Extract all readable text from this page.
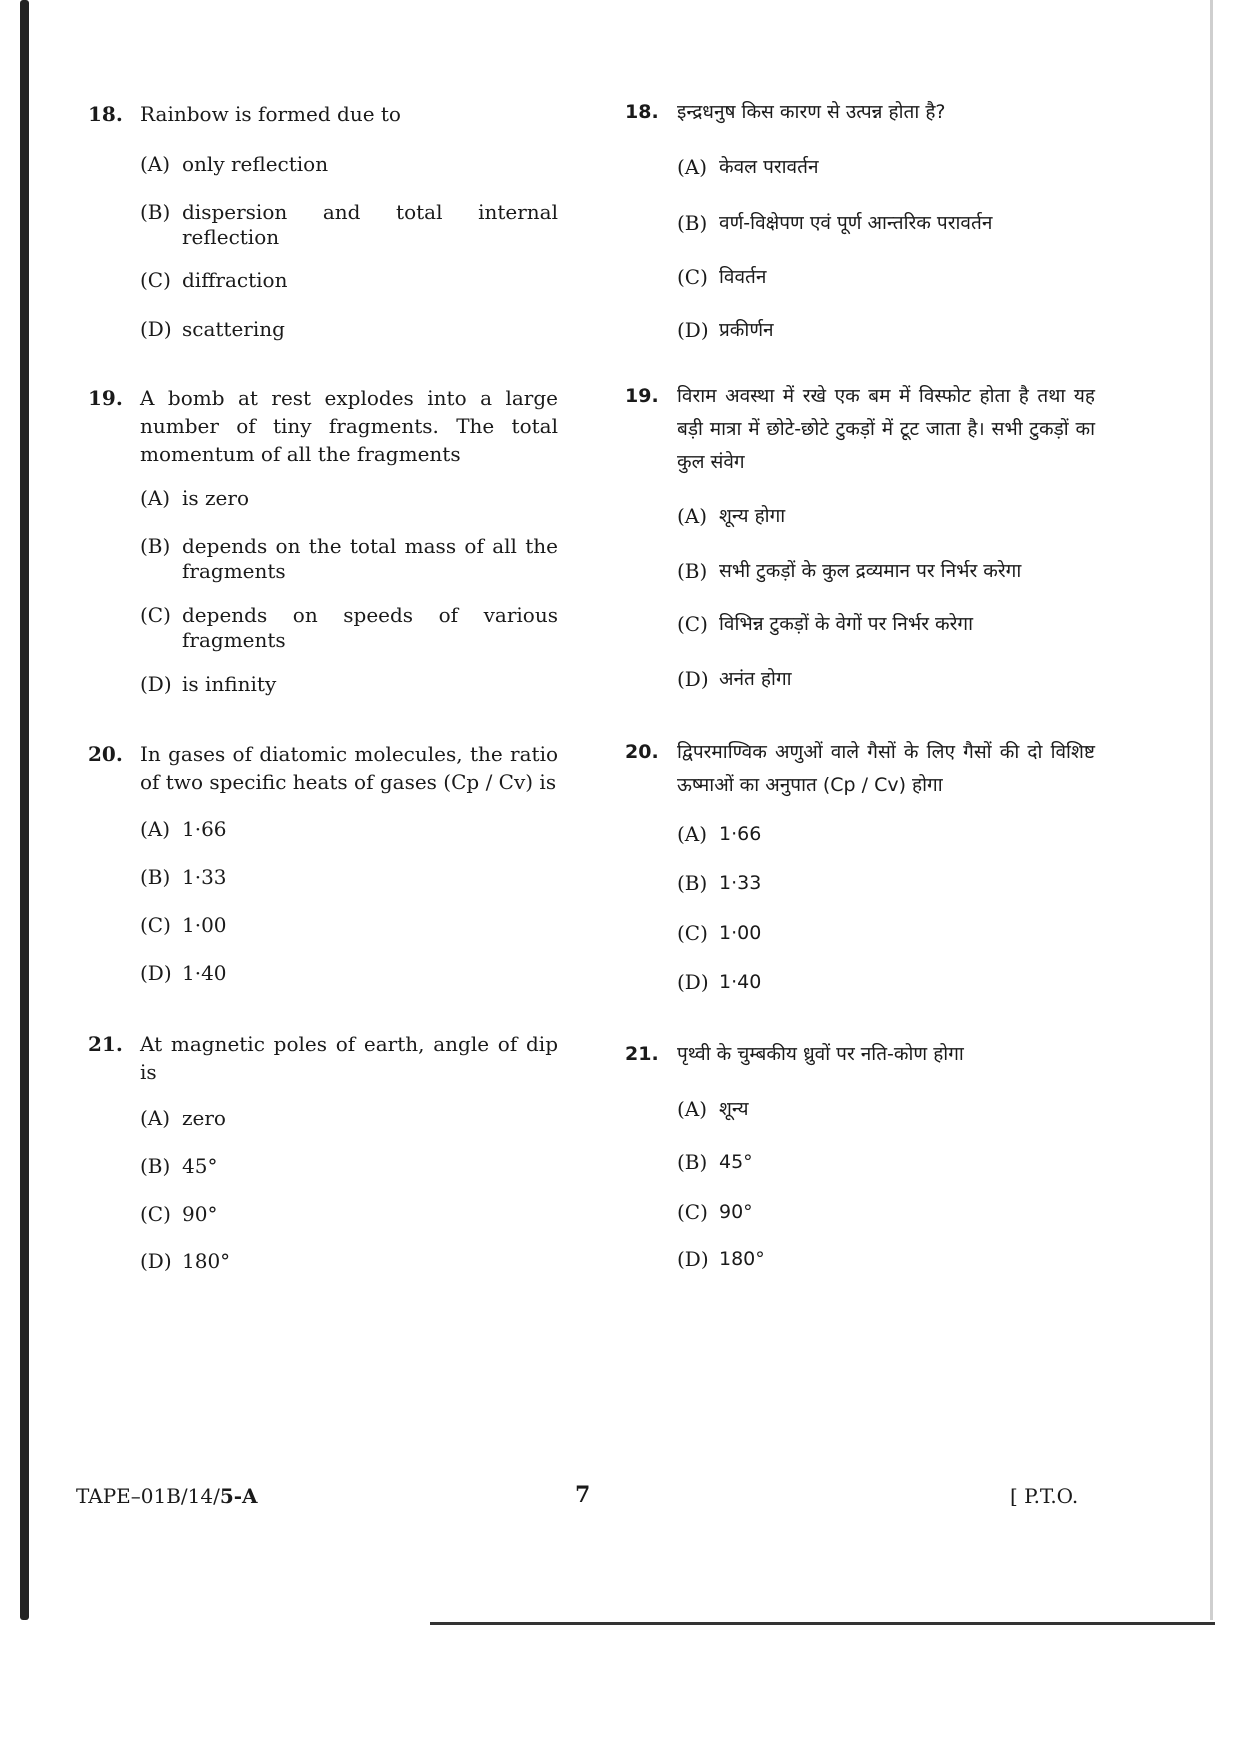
18. Rainbow is formed due to
(A) only reflection
(B) dispersion and total internal reflection
(C) diffraction
(D) scattering
19. A bomb at rest explodes into a large number of tiny fragments. The total momentum of all the fragments
(A) is zero
(B) depends on the total mass of all the fragments
(C) depends on speeds of various fragments
(D) is infinity
20. In gases of diatomic molecules, the ratio of two specific heats of gases (Cp / Cv) is
(A) 1·66
(B) 1·33
(C) 1·00
(D) 1·40
21. At magnetic poles of earth, angle of dip is
(A) zero
(B) 45°
(C) 90°
(D) 180°
18. इन्द्रधनुष किस कारण से उत्पन्न होता है?
(A) केवल परावर्तन
(B) वर्ण-विक्षेपण एवं पूर्ण आन्तरिक परावर्तन
(C) विवर्तन
(D) प्रकीर्णन
19. विराम अवस्था में रखे एक बम में विस्फोट होता है तथा यह बड़ी मात्रा में छोटे-छोटे टुकड़ों में टूट जाता है। सभी टुकड़ों का कुल संवेग
(A) शून्य होगा
(B) सभी टुकड़ों के कुल द्रव्यमान पर निर्भर करेगा
(C) विभिन्न टुकड़ों के वेगों पर निर्भर करेगा
(D) अनंत होगा
20. द्विपरमाण्विक अणुओं वाले गैसों के लिए गैसों की दो विशिष्ट ऊष्माओं का अनुपात (Cp / Cv) होगा
(A) 1·66
(B) 1·33
(C) 1·00
(D) 1·40
21. पृथ्वी के चुम्बकीय ध्रुवों पर नति-कोण होगा
(A) शून्य
(B) 45°
(C) 90°
(D) 180°
TAPE–01B/14/5-A	7	[ P.T.O.
